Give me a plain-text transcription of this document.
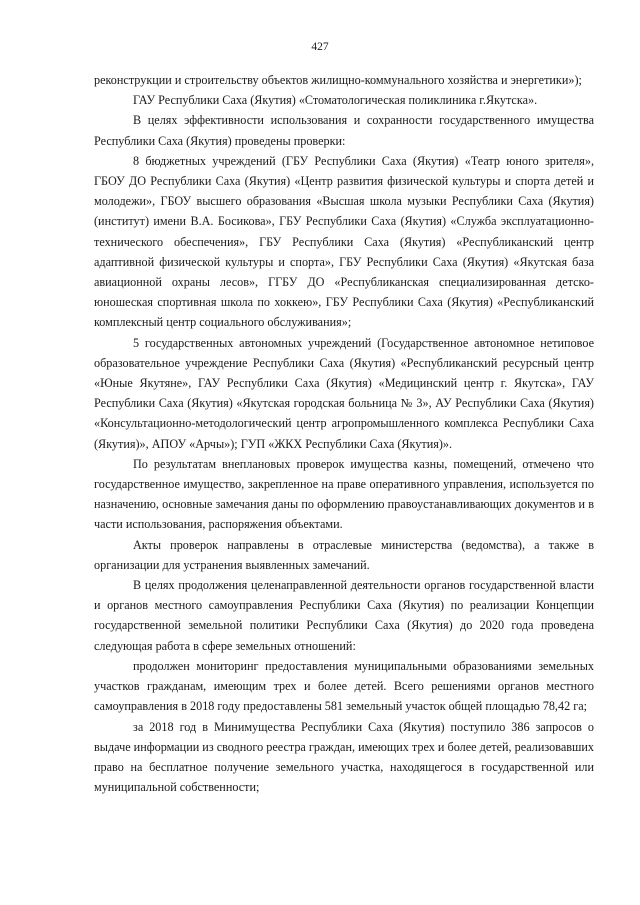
427

реконструкции и строительству объектов жилищно-коммунального хозяйства и энергетики»);

ГАУ Республики Саха (Якутия) «Стоматологическая поликлиника г.Якутска».

В целях эффективности использования и сохранности государственного имущества Республики Саха (Якутия) проведены проверки:

8 бюджетных учреждений (ГБУ Республики Саха (Якутия) «Театр юного зрителя», ГБОУ ДО Республики Саха (Якутия) «Центр развития физической культуры и спорта детей и молодежи», ГБОУ высшего образования «Высшая школа музыки Республики Саха (Якутия) (институт) имени В.А. Босикова», ГБУ Республики Саха (Якутия) «Служба эксплуатационно-технического обеспечения», ГБУ Республики Саха (Якутия) «Республиканский центр адаптивной физической культуры и спорта», ГБУ Республики Саха (Якутия) «Якутская база авиационной охраны лесов», ГГБУ ДО «Республиканская специализированная детско-юношеская спортивная школа по хоккею», ГБУ Республики Саха (Якутия) «Республиканский комплексный центр социального обслуживания»;

5 государственных автономных учреждений (Государственное автономное нетиповое образовательное учреждение Республики Саха (Якутия) «Республиканский ресурсный центр «Юные Якутяне», ГАУ Республики Саха (Якутия) «Медицинский центр г. Якутска», ГАУ Республики Саха (Якутия) «Якутская городская больница № 3», АУ Республики Саха (Якутия) «Консультационно-методологический центр агропромышленного комплекса Республики Саха (Якутия)», АПОУ «Арчы»); ГУП «ЖКХ Республики Саха (Якутия)».

По результатам внеплановых проверок имущества казны, помещений, отмечено что государственное имущество, закрепленное на праве оперативного управления, используется по назначению, основные замечания даны по оформлению правоустанавливающих документов и в части использования, распоряжения объектами.

Акты проверок направлены в отраслевые министерства (ведомства), а также в организации для устранения выявленных замечаний.

В целях продолжения целенаправленной деятельности органов государственной власти и органов местного самоуправления Республики Саха (Якутия) по реализации Концепции государственной земельной политики Республики Саха (Якутия) до 2020 года проведена следующая работа в сфере земельных отношений:

продолжен мониторинг предоставления муниципальными образованиями земельных участков гражданам, имеющим трех и более детей. Всего решениями органов местного самоуправления в 2018 году предоставлены 581 земельный участок общей площадью 78,42 га;

за 2018 год в Минимущества Республики Саха (Якутия) поступило 386 запросов о выдаче информации из сводного реестра граждан, имеющих трех и более детей, реализовавших право на бесплатное получение земельного участка, находящегося в государственной или муниципальной собственности;
